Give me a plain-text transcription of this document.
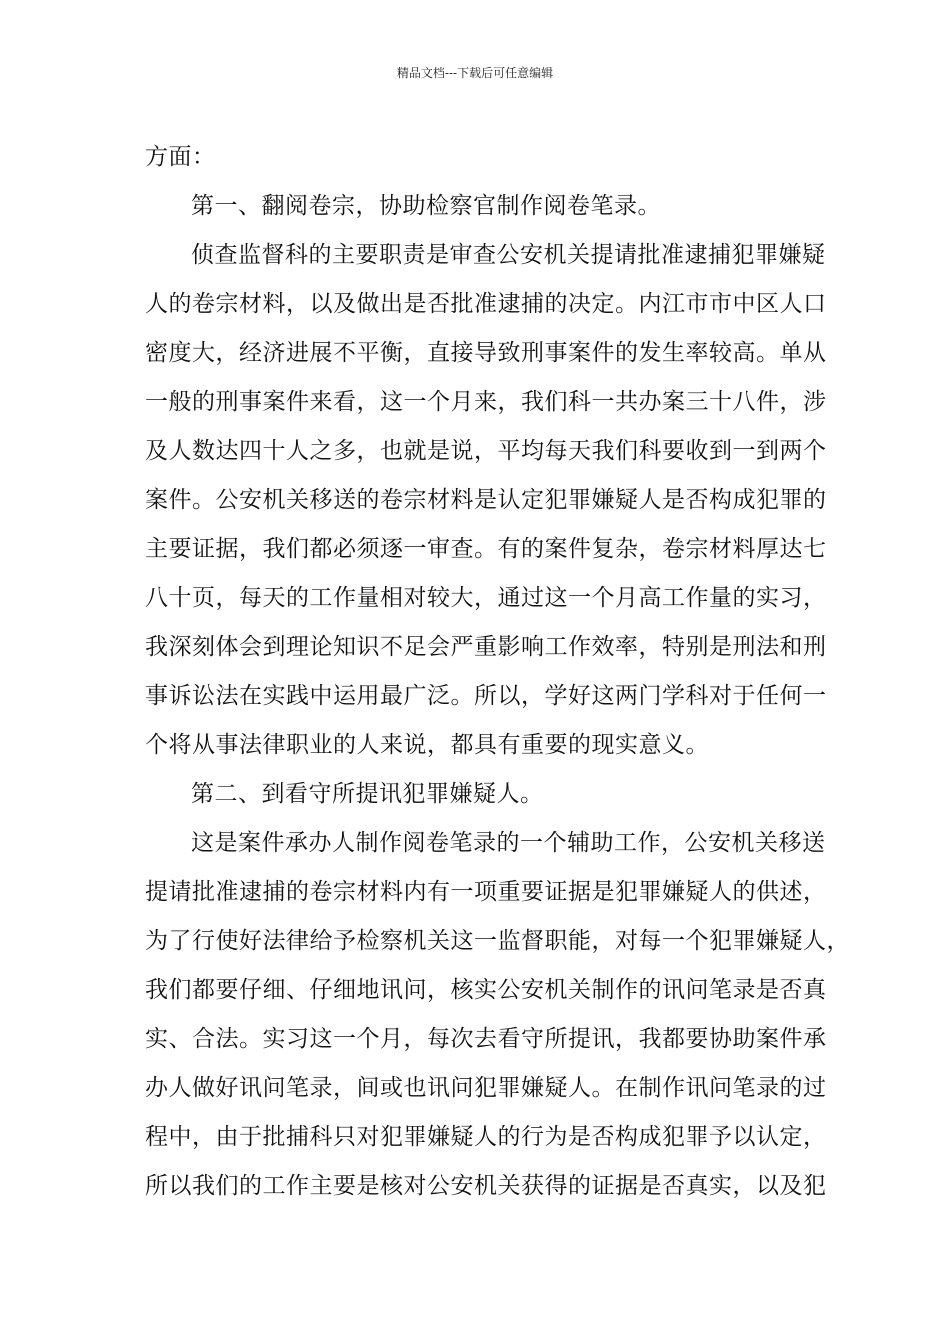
精品文档---下载后可任意编辑
方面：
第一、翻阅卷宗，协助检察官制作阅卷笔录。
侦查监督科的主要职责是审查公安机关提请批准逮捕犯罪嫌疑
人的卷宗材料，以及做出是否批准逮捕的决定。内江市市中区人口
密度大，经济进展不平衡，直接导致刑事案件的发生率较高。单从
一般的刑事案件来看，这一个月来，我们科一共办案三十八件，涉
及人数达四十人之多，也就是说，平均每天我们科要收到一到两个
案件。公安机关移送的卷宗材料是认定犯罪嫌疑人是否构成犯罪的
主要证据，我们都必须逐一审查。有的案件复杂，卷宗材料厚达七
八十页，每天的工作量相对较大，通过这一个月高工作量的实习，
我深刻体会到理论知识不足会严重影响工作效率，特别是刑法和刑
事诉讼法在实践中运用最广泛。所以，学好这两门学科对于任何一
个将从事法律职业的人来说，都具有重要的现实意义。
第二、到看守所提讯犯罪嫌疑人。
这是案件承办人制作阅卷笔录的一个辅助工作，公安机关移送
提请批准逮捕的卷宗材料内有一项重要证据是犯罪嫌疑人的供述，
为了行使好法律给予检察机关这一监督职能，对每一个犯罪嫌疑人，
我们都要仔细、仔细地讯问，核实公安机关制作的讯问笔录是否真
实、合法。实习这一个月，每次去看守所提讯，我都要协助案件承
办人做好讯问笔录，间或也讯问犯罪嫌疑人。在制作讯问笔录的过
程中，由于批捕科只对犯罪嫌疑人的行为是否构成犯罪予以认定，
所以我们的工作主要是核对公安机关获得的证据是否真实，以及犯
